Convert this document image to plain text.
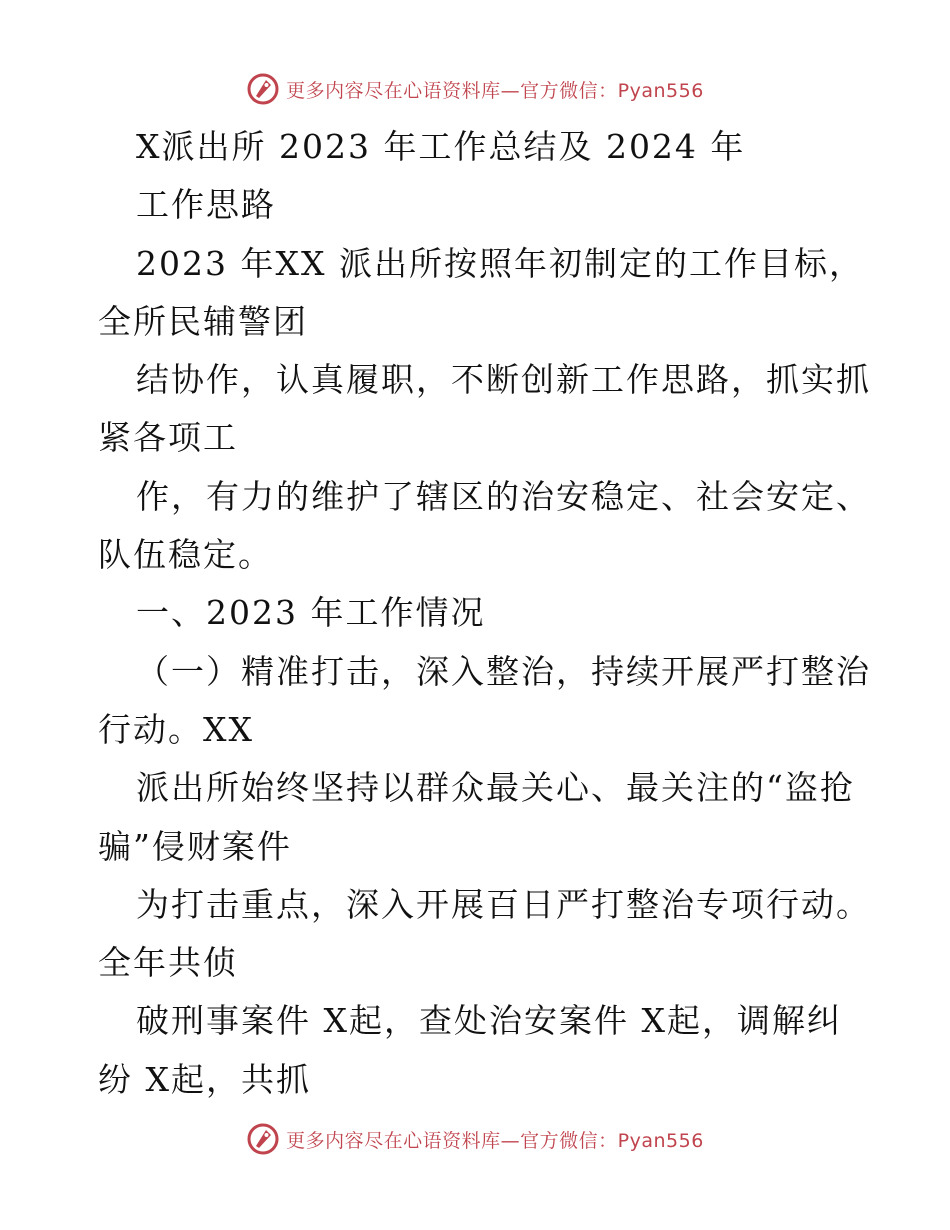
更多内容尽在心语资料库—官方微信：Pyan556
X派出所 2023 年工作总结及 2024 年
工作思路
2023 年XX 派出所按照年初制定的工作目标，
全所民辅警团
结协作，认真履职，不断创新工作思路，抓实抓
紧各项工
作，有力的维护了辖区的治安稳定、社会安定、
队伍稳定。
一、2023 年工作情况
（一）精准打击，深入整治，持续开展严打整治
行动。XX
派出所始终坚持以群众最关心、最关注的“盗抢
骗”侵财案件
为打击重点，深入开展百日严打整治专项行动。
全年共侦
破刑事案件 X起，查处治安案件 X起，调解纠
纷 X起，共抓
更多内容尽在心语资料库—官方微信：Pyan556
